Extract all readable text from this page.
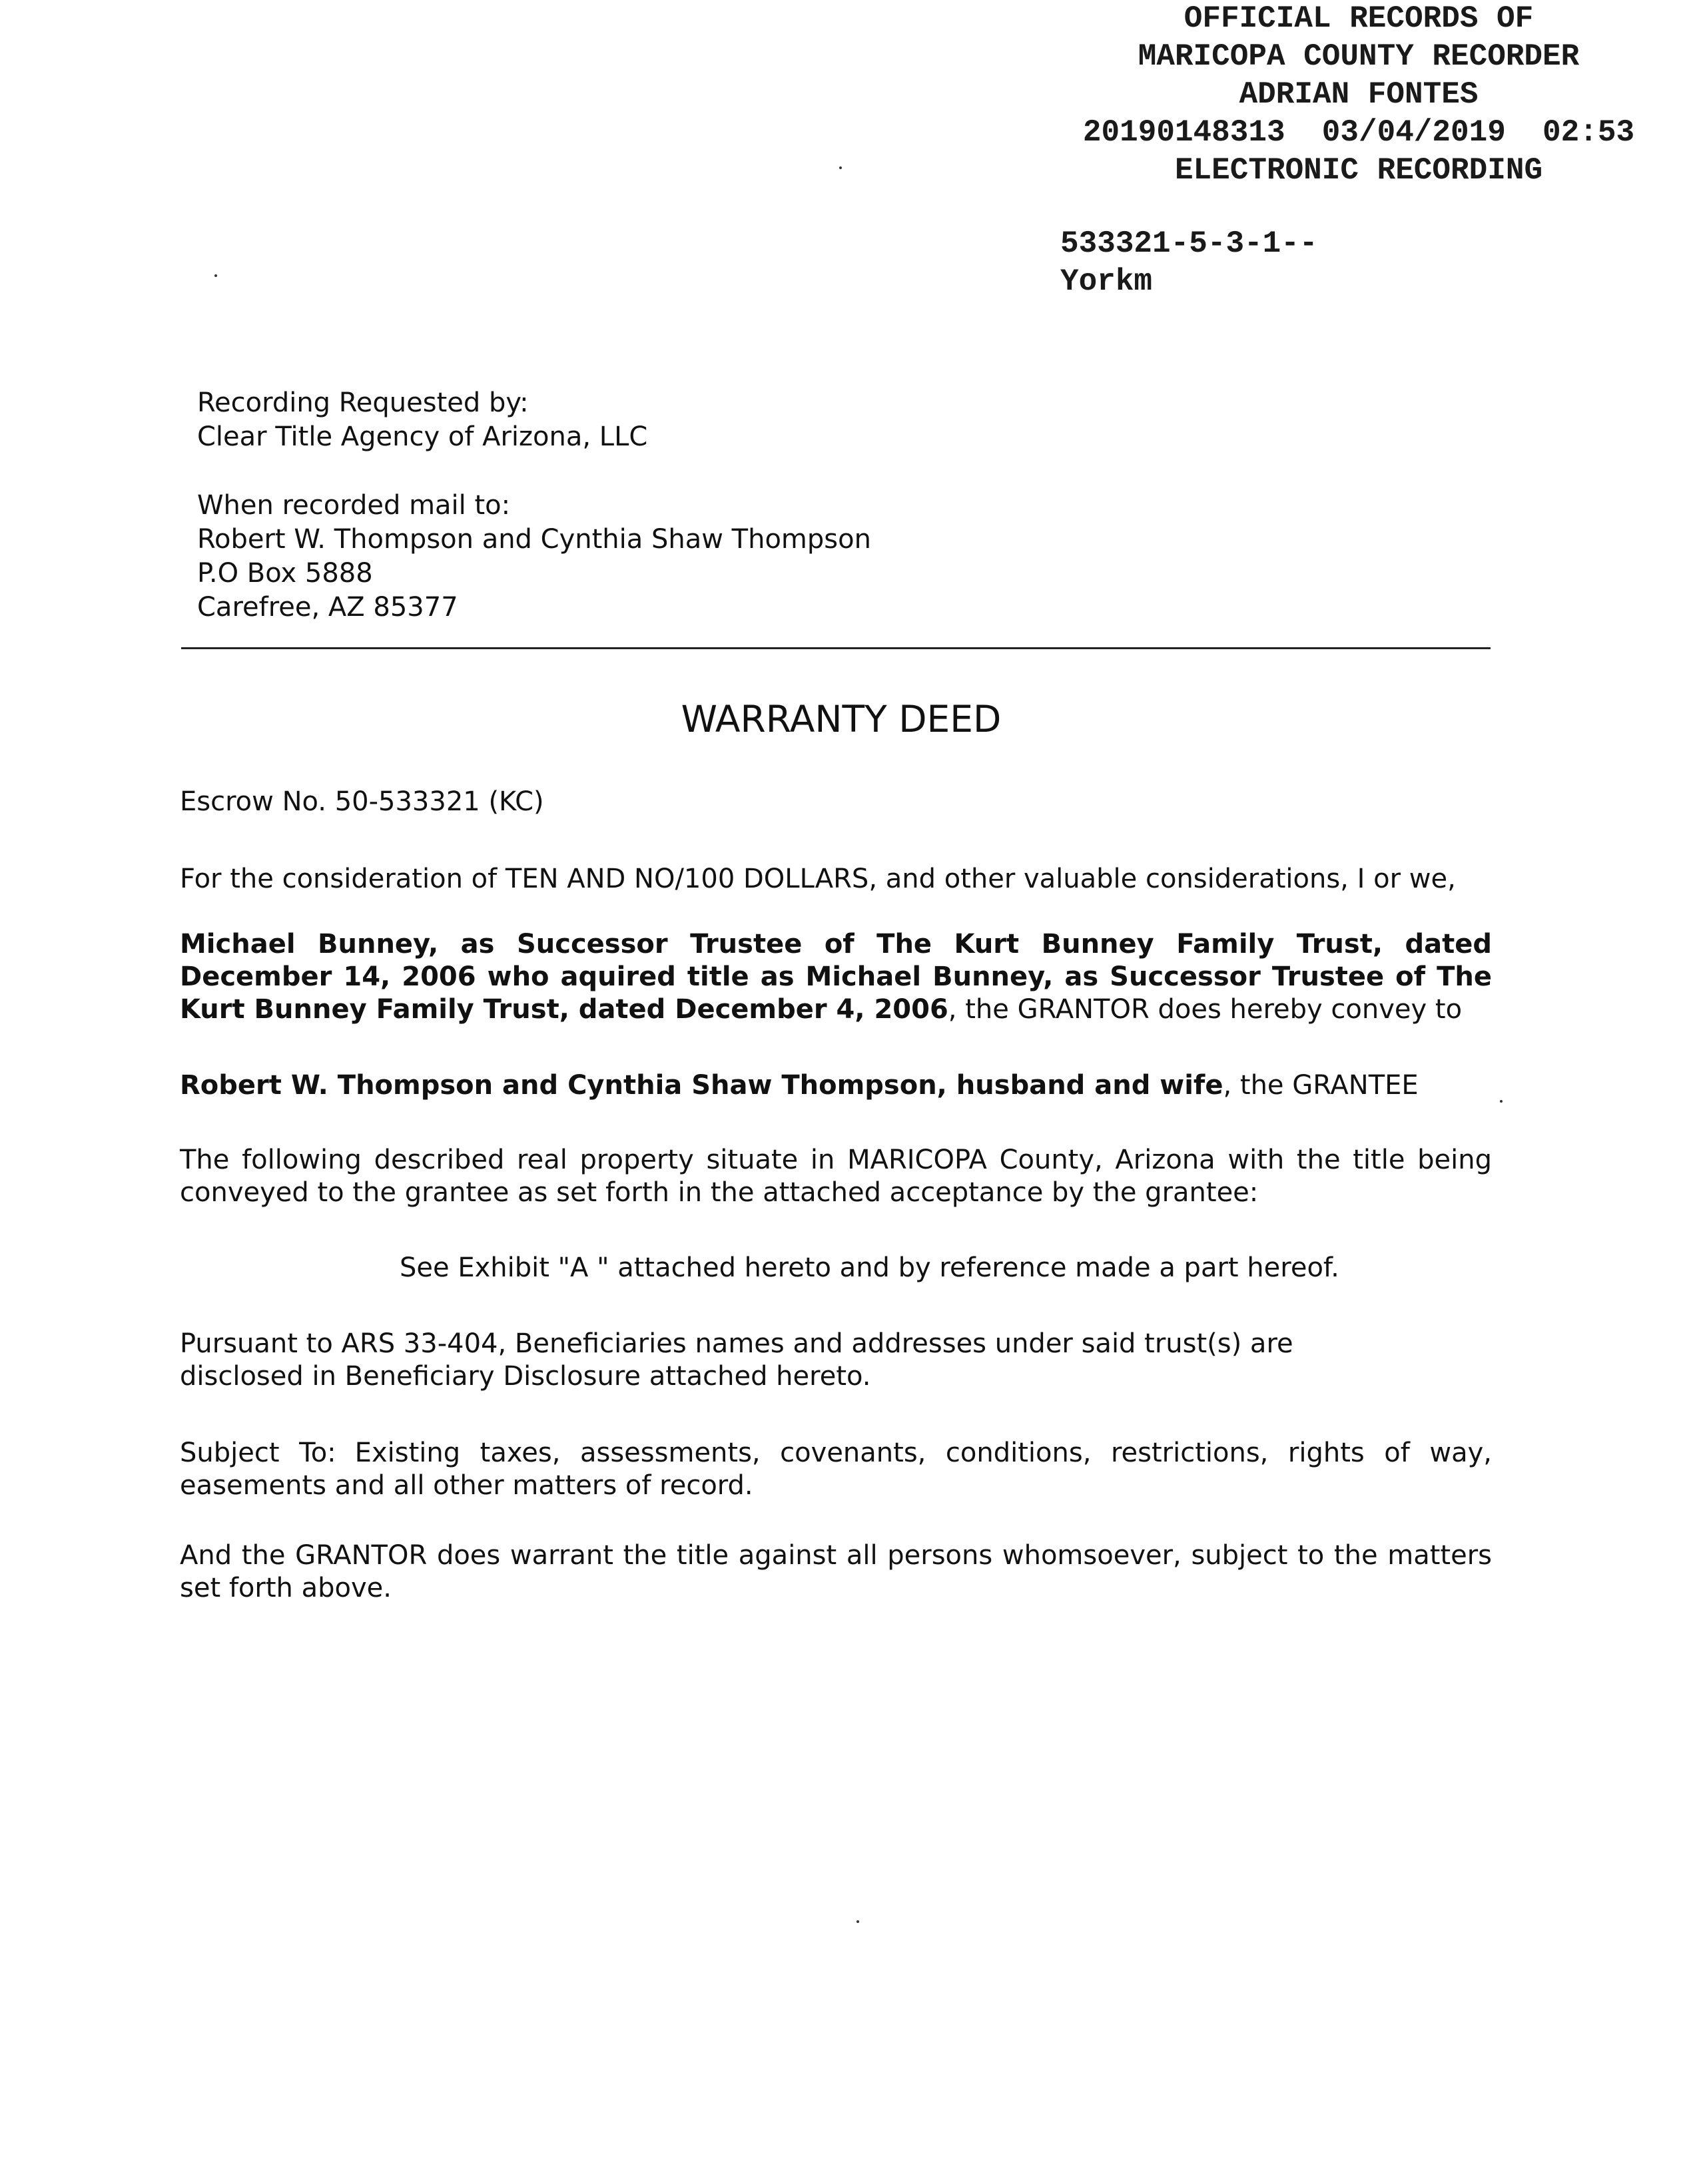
OFFICIAL RECORDS OF
MARICOPA COUNTY RECORDER
ADRIAN FONTES
20190148313  03/04/2019  02:53
ELECTRONIC RECORDING
533321-5-3-1--
Yorkm
Recording Requested by:
Clear Title Agency of Arizona, LLC
When recorded mail to:
Robert W. Thompson and Cynthia Shaw Thompson
P.O Box 5888
Carefree, AZ 85377
WARRANTY DEED
Escrow No. 50-533321 (KC)
For the consideration of TEN AND NO/100 DOLLARS, and other valuable considerations, I or we,
Michael Bunney, as Successor Trustee of The Kurt Bunney Family Trust, dated December 14, 2006 who aquired title as Michael Bunney, as Successor Trustee of The Kurt Bunney Family Trust, dated December 4, 2006, the GRANTOR does hereby convey to
Robert W. Thompson and Cynthia Shaw Thompson, husband and wife, the GRANTEE
The following described real property situate in MARICOPA County, Arizona with the title being conveyed to the grantee as set forth in the attached acceptance by the grantee:
See Exhibit "A " attached hereto and by reference made a part hereof.
Pursuant to ARS 33-404, Beneficiaries names and addresses under said trust(s) are disclosed in Beneficiary Disclosure attached hereto.
Subject To: Existing taxes, assessments, covenants, conditions, restrictions, rights of way, easements and all other matters of record.
And the GRANTOR does warrant the title against all persons whomsoever, subject to the matters set forth above.
